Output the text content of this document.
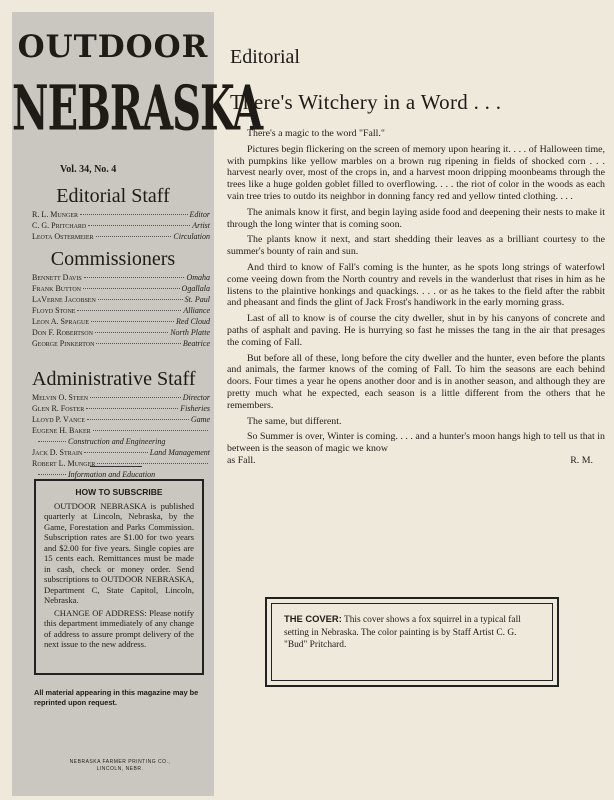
OUTDOOR
NEBRASKA
Vol. 34, No. 4
Editorial Staff
R. L. Munger	Editor
C. G. Pritchard	Artist
Leota Ostermeier	Circulation
Commissioners
Bennett Davis	Omaha
Frank Button	Ogallala
LaVerne Jacobsen	St. Paul
Floyd Stone	Alliance
Leon A. Sprague	Red Cloud
Don F. Robertson	North Platte
George Pinkerton	Beatrice
Administrative Staff
Melvin O. Steen	Director
Glen R. Foster	Fisheries
Lloyd P. Vance	Game
Eugene H. Baker
Construction and Engineering
Jack D. Strain	Land Management
Robert L. Munger
Information and Education
HOW TO SUBSCRIBE

OUTDOOR NEBRASKA is published quarterly at Lincoln, Nebraska, by the Game, Forestation and Parks Commission. Subscription rates are $1.00 for two years and $2.00 for five years. Single copies are 15 cents each. Remittances must be made in cash, check or money order. Send subscriptions to OUTDOOR NEBRASKA, Department C, State Capitol, Lincoln, Nebraska.

CHANGE OF ADDRESS: Please notify this department immediately of any change of address to assure prompt delivery of the next issue to the new address.

All material appearing in this magazine may be reprinted upon request.
NEBRASKA FARMER PRINTING CO.,
LINCOLN, NEBR.
Editorial
There's Witchery in a Word . . .

There's a magic to the word "Fall."

Pictures begin flickering on the screen of memory upon hearing it. . . . of Halloween time, with pumpkins like yellow marbles on a brown rug ripening in fields of shocked corn . . . harvest nearly over, most of the crops in, and a harvest moon dripping moonbeams through the trees like a huge golden goblet filled to overflowing. . . . the riot of color in the woods as each vain tree tries to outdo its neighbor in donning fancy red and yellow tinted clothing. . . .

The animals know it first, and begin laying aside food and deepening their nests to make it through the long winter that is coming soon.

The plants know it next, and start shedding their leaves as a brilliant courtesy to the summer's bounty of rain and sun.

And third to know of Fall's coming is the hunter, as he spots long strings of waterfowl come veeing down from the North country and revels in the wanderlust that rises in him as he listens to the plaintive honkings and quackings. . . . or as he takes to the field after the rabbit and pheasant and finds the glint of Jack Frost's handiwork in the early morning grass.

Last of all to know is of course the city dweller, shut in by his canyons of concrete and paths of asphalt and paving. He is hurrying so fast he misses the tang in the air that presages the coming of Fall.

But before all of these, long before the city dweller and the hunter, even before the plants and animals, the farmer knows of the coming of Fall. To him the seasons are each behind doors. Four times a year he opens another door and is in another season, and although they are pretty much what he expected, each season is a little different from the others that he remembers.

The same, but different.

So Summer is over, Winter is coming. . . . and a hunter's moon hangs high to tell us that in between is the season of magic we know

as Fall.	R. M.
THE COVER: This cover shows a fox squirrel in a typical fall setting in Nebraska. The color painting is by Staff Artist C. G. "Bud" Pritchard.
